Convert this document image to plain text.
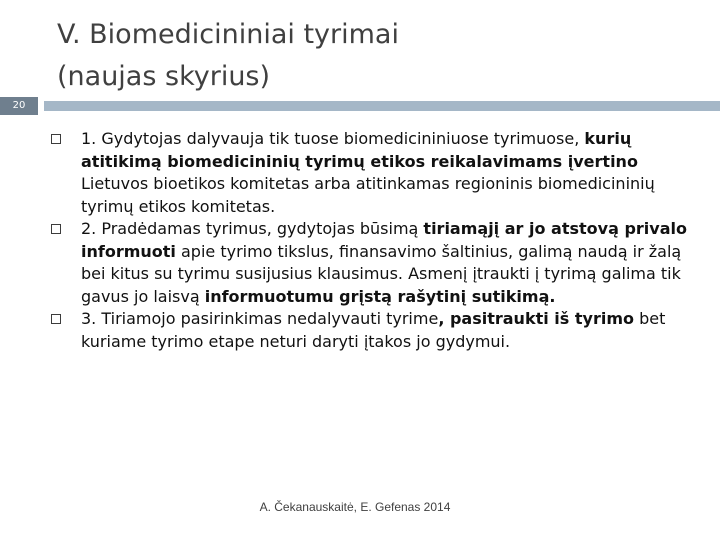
V. Biomedicininiai tyrimai
(naujas skyrius)
20
1. Gydytojas dalyvauja tik tuose biomedicininiuose tyrimuose, kurių atitikimą biomedicininių tyrimų etikos reikalavimams įvertino Lietuvos bioetikos komitetas arba atitinkamas regioninis biomedicininių tyrimų etikos komitetas.
2. Pradėdamas tyrimus, gydytojas būsimą tiriamąjį ar jo atstovą privalo informuoti apie tyrimo tikslus, finansavimo šaltinius, galimą naudą ir žalą bei kitus su tyrimu susijusius klausimus. Asmenį įtraukti į tyrimą galima tik gavus jo laisvą informuotumu grįstą rašytinį sutikimą.
3. Tiriamojo pasirinkimas nedalyvauti tyrime, pasitraukti iš tyrimo bet kuriame tyrimo etape neturi daryti įtakos jo gydymui.
A. Čekanauskaitė, E. Gefenas 2014
